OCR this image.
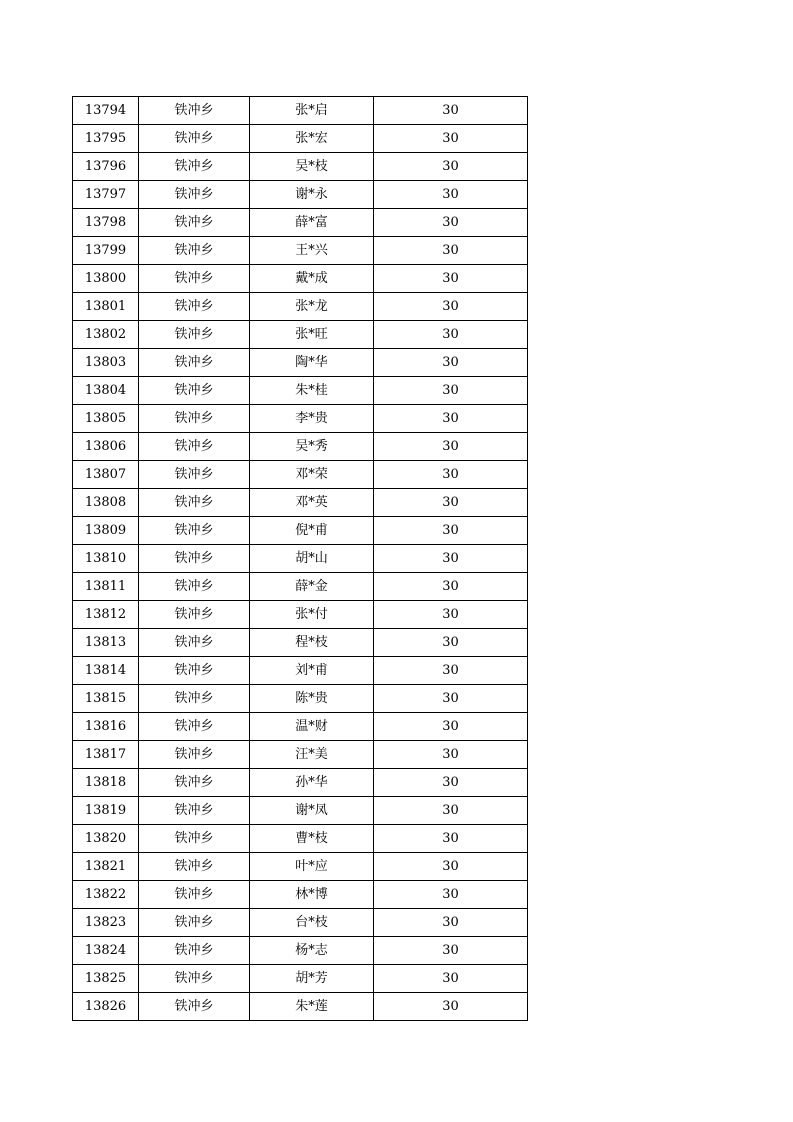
13794	铁冲乡	张*启	30
13795	铁冲乡	张*宏	30
13796	铁冲乡	吴*枝	30
13797	铁冲乡	谢*永	30
13798	铁冲乡	薛*富	30
13799	铁冲乡	王*兴	30
13800	铁冲乡	戴*成	30
13801	铁冲乡	张*龙	30
13802	铁冲乡	张*旺	30
13803	铁冲乡	陶*华	30
13804	铁冲乡	朱*桂	30
13805	铁冲乡	李*贵	30
13806	铁冲乡	吴*秀	30
13807	铁冲乡	邓*荣	30
13808	铁冲乡	邓*英	30
13809	铁冲乡	倪*甫	30
13810	铁冲乡	胡*山	30
13811	铁冲乡	薛*金	30
13812	铁冲乡	张*付	30
13813	铁冲乡	程*枝	30
13814	铁冲乡	刘*甫	30
13815	铁冲乡	陈*贵	30
13816	铁冲乡	温*财	30
13817	铁冲乡	汪*美	30
13818	铁冲乡	孙*华	30
13819	铁冲乡	谢*凤	30
13820	铁冲乡	曹*枝	30
13821	铁冲乡	叶*应	30
13822	铁冲乡	林*博	30
13823	铁冲乡	台*枝	30
13824	铁冲乡	杨*志	30
13825	铁冲乡	胡*芳	30
13826	铁冲乡	朱*莲	30
